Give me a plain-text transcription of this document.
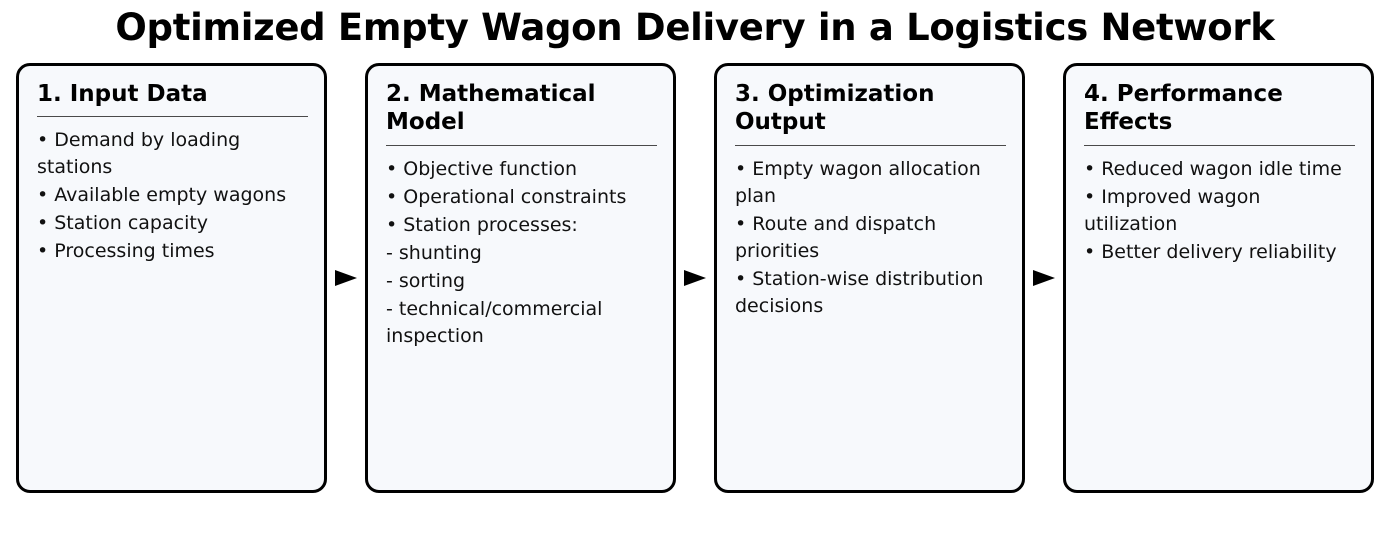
Optimized Empty Wagon Delivery in a Logistics Network
1. Input Data
• Demand by loading stations
• Available empty wagons
• Station capacity
• Processing times
2. Mathematical Model
• Objective function
• Operational constraints
• Station processes:
- shunting
- sorting
- technical/commercial inspection
3. Optimization Output
• Empty wagon allocation plan
• Route and dispatch priorities
• Station-wise distribution decisions
4. Performance Effects
• Reduced wagon idle time
• Improved wagon utilization
• Better delivery reliability
